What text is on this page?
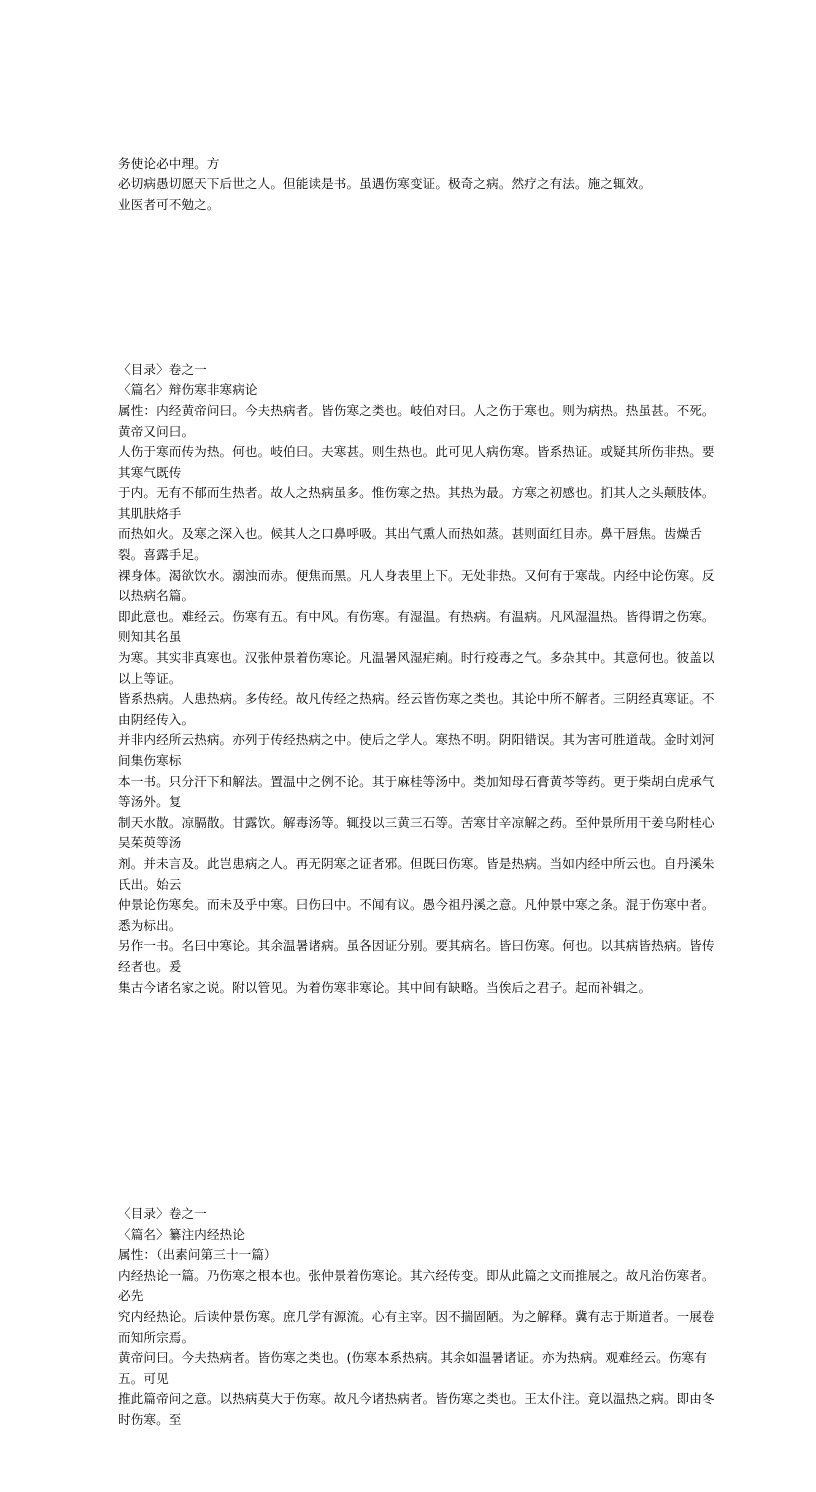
务使论必中理。方
必切病愚切愿天下后世之人。但能读是书。虽遇伤寒变证。极奇之病。然疗之有法。施之辄效。
业医者可不勉之。

〈目录〉卷之一
〈篇名〉辩伤寒非寒病论
属性：内经黄帝问曰。今夫热病者。皆伤寒之类也。岐伯对曰。人之伤于寒也。则为病热。热虽甚。不死。黄帝又问曰。
人伤于寒而传为热。何也。岐伯曰。夫寒甚。则生热也。此可见人病伤寒。皆系热证。或疑其所伤非热。要其寒气既传
于内。无有不郁而生热者。故人之热病虽多。惟伤寒之热。其热为最。方寒之初感也。扪其人之头颠肢体。其肌肤烙手
而热如火。及寒之深入也。候其人之口鼻呼吸。其出气熏人而热如蒸。甚则面红目赤。鼻干唇焦。齿燥舌裂。喜露手足。
裸身体。渴欲饮水。溺浊而赤。便焦而黑。凡人身表里上下。无处非热。又何有于寒哉。内经中论伤寒。反以热病名篇。
即此意也。难经云。伤寒有五。有中风。有伤寒。有湿温。有热病。有温病。凡风湿温热。皆得谓之伤寒。则知其名虽
为寒。其实非真寒也。汉张仲景着伤寒论。凡温暑风湿疟痢。时行疫毒之气。多杂其中。其意何也。彼盖以以上等证。
皆系热病。人患热病。多传经。故凡传经之热病。经云皆伤寒之类也。其论中所不解者。三阴经真寒证。不由阴经传入。
并非内经所云热病。亦列于传经热病之中。使后之学人。寒热不明。阴阳错误。其为害可胜道哉。金时刘河间集伤寒标
本一书。只分汗下和解法。置温中之例不论。其于麻桂等汤中。类加知母石膏黄芩等药。更于柴胡白虎承气等汤外。复
制天水散。凉膈散。甘露饮。解毒汤等。辄投以三黄三石等。苦寒甘辛凉解之药。至仲景所用干姜乌附桂心吴茱萸等汤
剂。并未言及。此岂患病之人。再无阴寒之证者邪。但既曰伤寒。皆是热病。当如内经中所云也。自丹溪朱氏出。始云
仲景论伤寒矣。而未及乎中寒。曰伤曰中。不闻有议。愚今祖丹溪之意。凡仲景中寒之条。混于伤寒中者。悉为标出。
另作一书。名曰中寒论。其余温暑诸病。虽各因证分别。要其病名。皆曰伤寒。何也。以其病皆热病。皆传经者也。爰
集古今诸名家之说。附以管见。为着伤寒非寒论。其中间有缺略。当俟后之君子。起而补辑之。

〈目录〉卷之一
〈篇名〉纂注内经热论
属性：（出素问第三十一篇）
内经热论一篇。乃伤寒之根本也。张仲景着伤寒论。其六经传变。即从此篇之文而推展之。故凡治伤寒者。必先
究内经热论。后读仲景伤寒。庶几学有源流。心有主宰。因不揣固陋。为之解释。冀有志于斯道者。一展卷而知所宗焉。
黄帝问曰。今夫热病者。皆伤寒之类也。(伤寒本系热病。其余如温暑诸证。亦为热病。观难经云。伤寒有五。可见
推此篇帝问之意。以热病莫大于伤寒。故凡今诸热病者。皆伤寒之类也。王太仆注。竟以温热之病。即由冬时伤寒。至
